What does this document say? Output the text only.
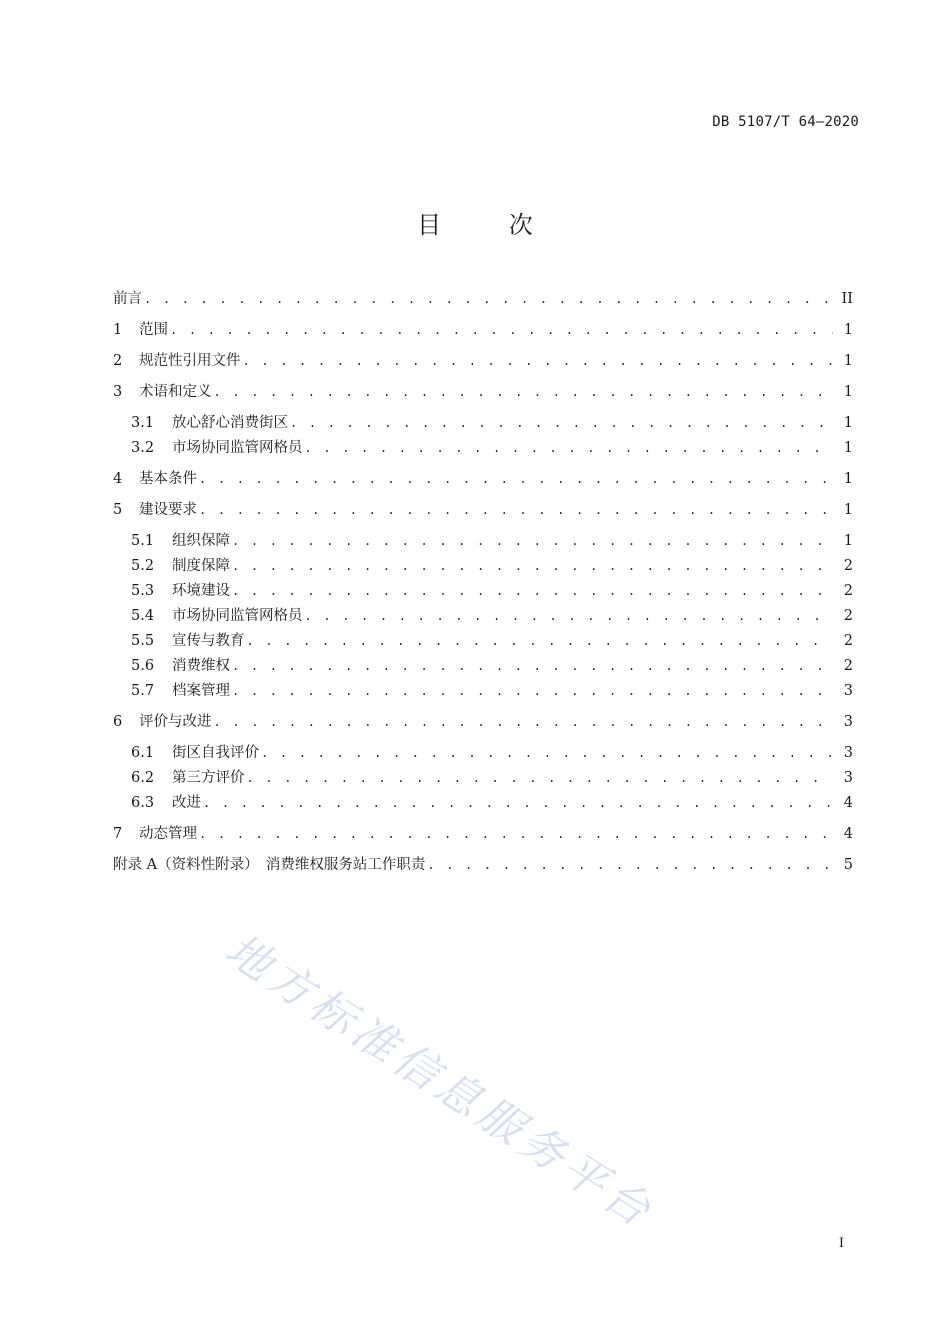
DB 5107/T 64—2020
目 次
前言 . . .	II
1	范围 . . .	1
2	规范性引用文件 . . .	1
3	术语和定义 . . .	1
3.1	放心舒心消费街区 . . .	1
3.2	市场协同监管网格员 . . .	1
4	基本条件 . . .	1
5	建设要求 . . .	1
5.1	组织保障 . . .	1
5.2	制度保障 . . .	2
5.3	环境建设 . . .	2
5.4	市场协同监管网格员 . . .	2
5.5	宣传与教育 . . .	2
5.6	消费维权 . . .	2
5.7	档案管理 . . .	3
6	评价与改进 . . .	3
6.1	街区自我评价 . . .	3
6.2	第三方评价 . . .	3
6.3	改进 . . .	4
7	动态管理 . . .	4
附录 A（资料性附录）　消费维权服务站工作职责 . . .	5
地方标准信息服务平台
I
